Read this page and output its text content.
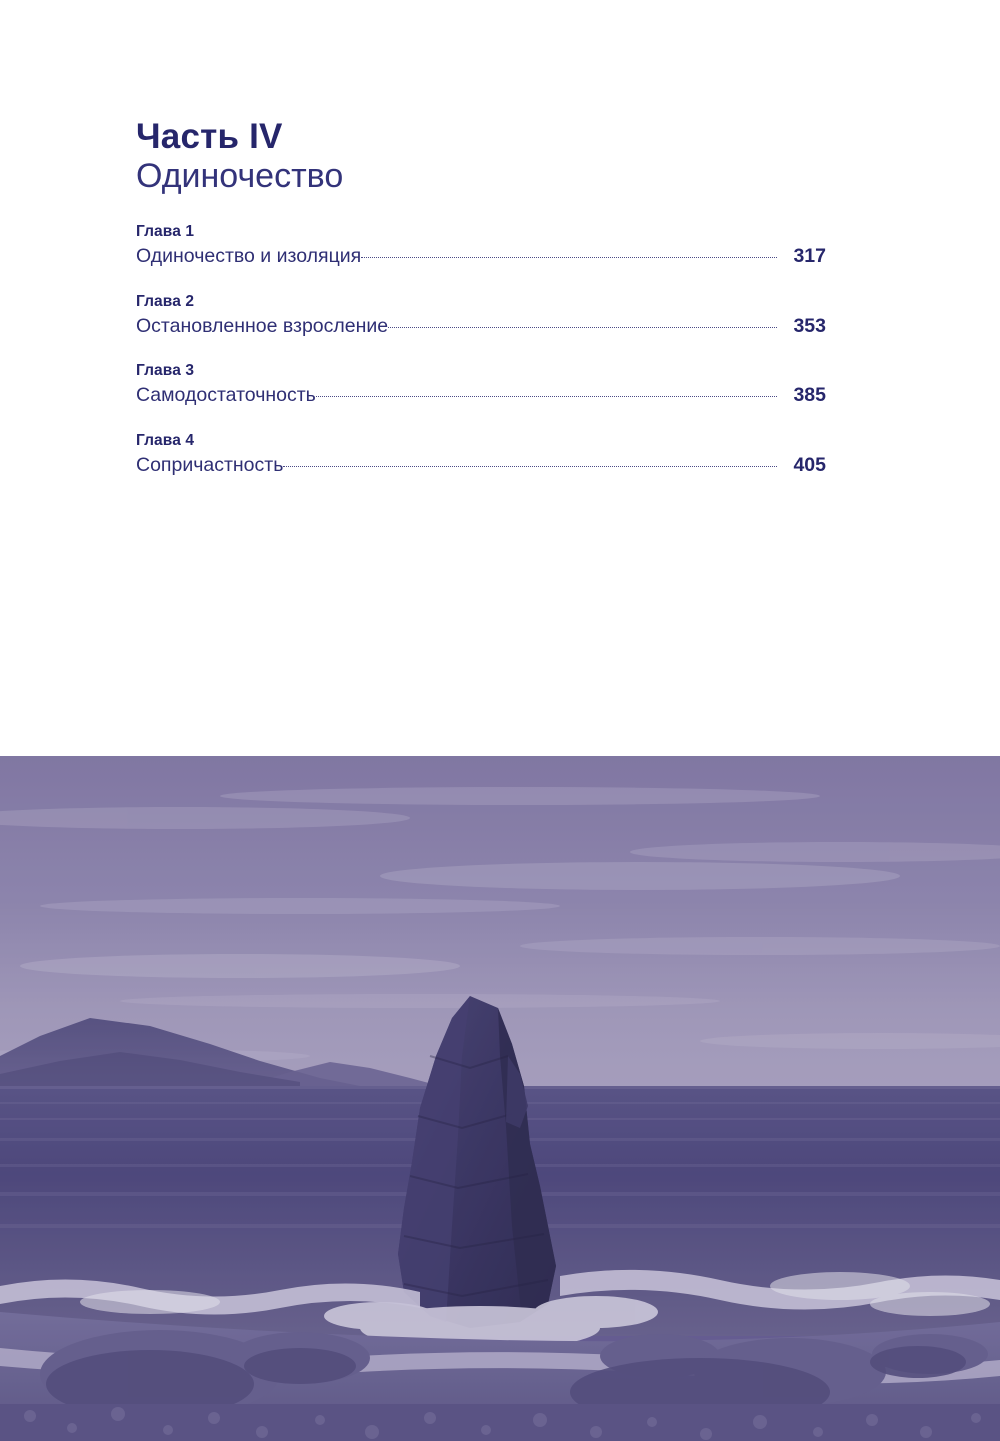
Часть IV
Одиночество
Глава 1
Одиночество и изоляция	317
Глава 2
Остановленное взросление	353
Глава 3
Самодостаточность	385
Глава 4
Сопричастность	405
